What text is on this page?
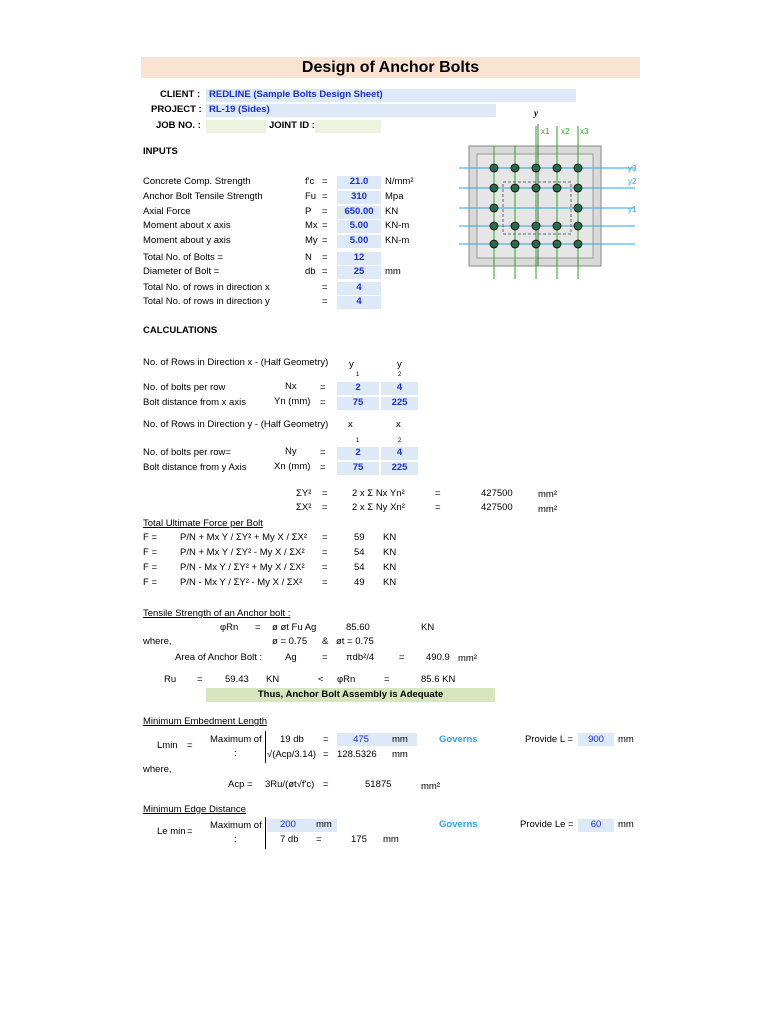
Design of Anchor Bolts
CLIENT : REDLINE (Sample Bolts Design Sheet)
PROJECT : RL-19 (Sides)
JOB NO. :	JOINT ID :
INPUTS
Concrete Comp. Strength	f'c =	21.0	N/mm²
Anchor Bolt Tensile Strength	Fu =	310	Mpa
Axial Force	P =	650.00	KN
Moment about x axis	Mx =	5.00	KN-m
Moment about y axis	My =	5.00	KN-m
Total No. of Bolts =	N =	12
Diameter of Bolt =	db =	25	mm
Total No. of rows in direction x	=	4
Total No. of rows in direction y	=	4
y
x1 x2 x3
y3
y2
y1
CALCULATIONS
No. of Rows in Direction x - (Half Geometry) y	y
1	2
No. of bolts per row	Nx =	2	4
Bolt distance from x axis	Yn (mm) =	75	225
No. of Rows in Direction y - (Half Geometry) x	x
1	2
No. of bolts per row=	Ny =	2	4
Bolt distance from y Axis	Xn (mm) =	75	225
ΣY² =	2 x Σ Nx Yn²	=	427500	mm²
ΣX² =	2 x Σ Ny Xn²	=	427500	mm²
Total Ultimate Force per Bolt
F = P/N + Mx Y / ΣY² + My X / ΣX² =	59 KN
F = P/N + Mx Y / ΣY² - My X / ΣX² =	54 KN
F = P/N - Mx Y / ΣY² + My X / ΣX² =	54 KN
F = P/N - Mx Y / ΣY² - My X / ΣX² =	49 KN
Tensile Strength of an Anchor bolt :
φRn = ø øt Fu Ag	85.60	KN
where,	ø = 0.75 & øt = 0.75
Area of Anchor Bolt : Ag	= πdb²/4	= 490.9 mm²
Ru = 59.43 KN	< φRn	=	85.6 KN
Thus, Anchor Bolt Assembly is Adequate
Minimum Embedment Length
Lmin =
Maximum of
:
19 db =	475	mm	Governs	Provide L =	900	mm
√(Acp/3.14) = 128.5326 mm
where,
Acp = 3Ru/(øt√f'c) =	51875	mm²
Minimum Edge Distance
Le min =
Maximum of
:
200 mm	Governs	Provide Le =	60	mm
7 db =	175 mm
